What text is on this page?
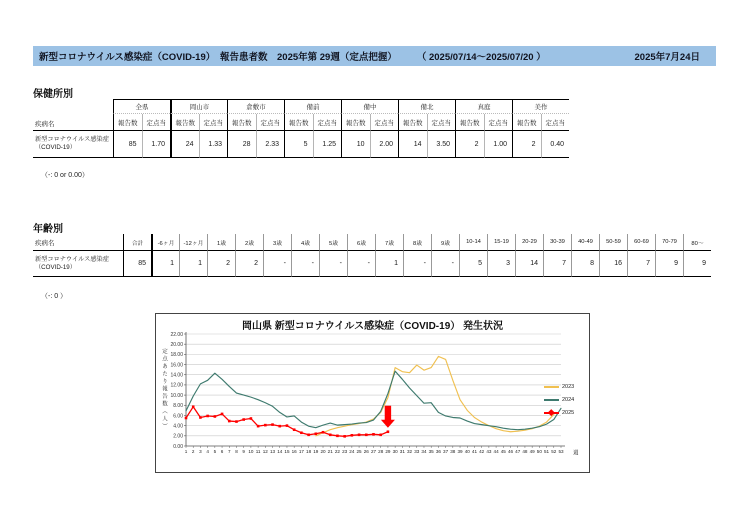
新型コロナウイルス感染症（COVID-19）　報告患者数　2025年第 29週（定点把握） （ 2025/07/14～2025/07/20 ）	2025年7月24日
保健所別
疾病名
全県	岡山市	倉敷市	備前	備中	備北	真庭	美作
報告数	定点当	報告数	定点当	報告数	定点当	報告数	定点当	報告数	定点当	報告数	定点当	報告数	定点当	報告数	定点当
新型コロナウイルス感染症
（COVID-19）	85	1.70	24	1.33	28	2.33	5	1.25	10	2.00	14	3.50	2	1.00	2	0.40
（-: 0 or 0.00）
年齢別
疾病名	合計	-6ヶ月	-12ヶ月	1歳	2歳	3歳	4歳	5歳	6歳	7歳	8歳	9歳	10-14	15-19	20-29	30-39	40-49	50-59	60-69	70-79	80～
新型コロナウイルス感染症
（COVID-19）	85	1	1	2	2	-	-	-	-	1	-	-	5	3	14	7	8	16	7	9	9
（-: 0 ）
岡山県 新型コロナウイルス感染症（COVID-19） 発生状況
定点あたり報告数（人）
0.00
2.00
4.00
6.00
8.00
10.00
12.00
14.00
16.00
18.00
20.00
22.00
1 2 3 4 5 6 7 8 9 10 11 12 13 14 15 16 17 18 19 20 21 22 23 24 25 26 27 28 29 30 31 32 33 34 35 36 37 38 39 40 41 42 43 44 45 46 47 48 49 50 51 52 53 週
2023
2024
2025
